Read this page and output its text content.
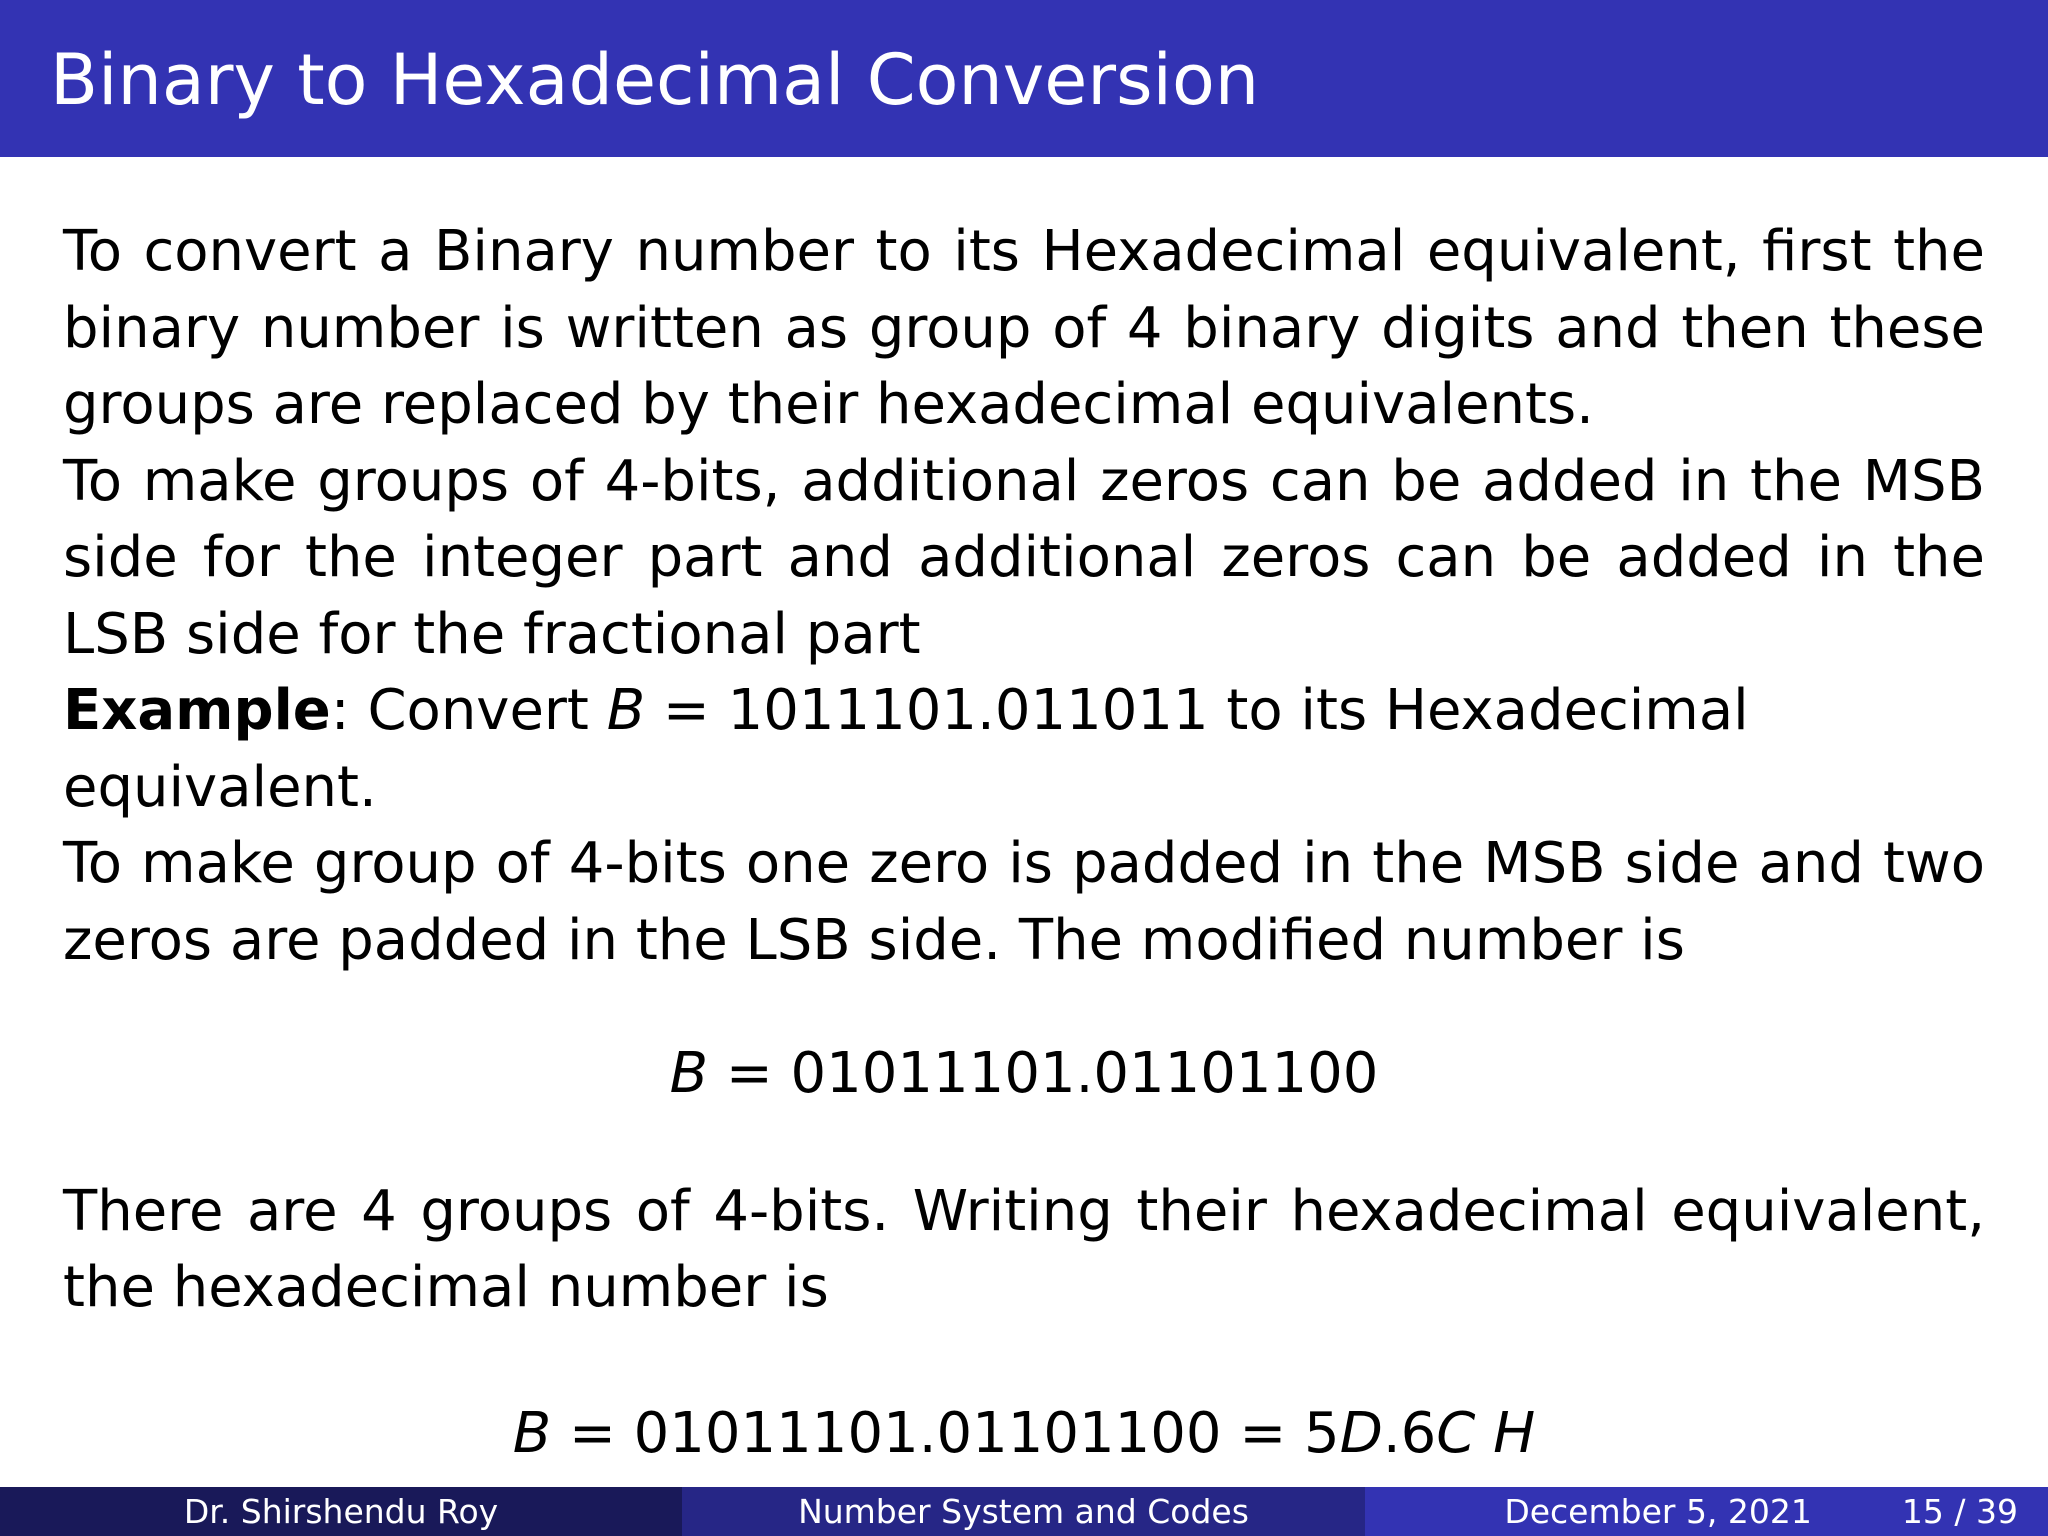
Binary to Hexadecimal Conversion

To convert a Binary number to its Hexadecimal equivalent, first the binary number is written as group of 4 binary digits and then these groups are replaced by their hexadecimal equivalents.

To make groups of 4-bits, additional zeros can be added in the MSB side for the integer part and additional zeros can be added in the LSB side for the fractional part

Example: Convert B = 1011101.011011 to its Hexadecimal equivalent.

To make group of 4-bits one zero is padded in the MSB side and two zeros are padded in the LSB side. The modified number is

B = 01011101.01101100

There are 4 groups of 4-bits. Writing their hexadecimal equivalent, the hexadecimal number is

B = 01011101.01101100 = 5D.6C H
Dr. Shirshendu Roy	Number System and Codes	December 5, 2021	15 / 39
